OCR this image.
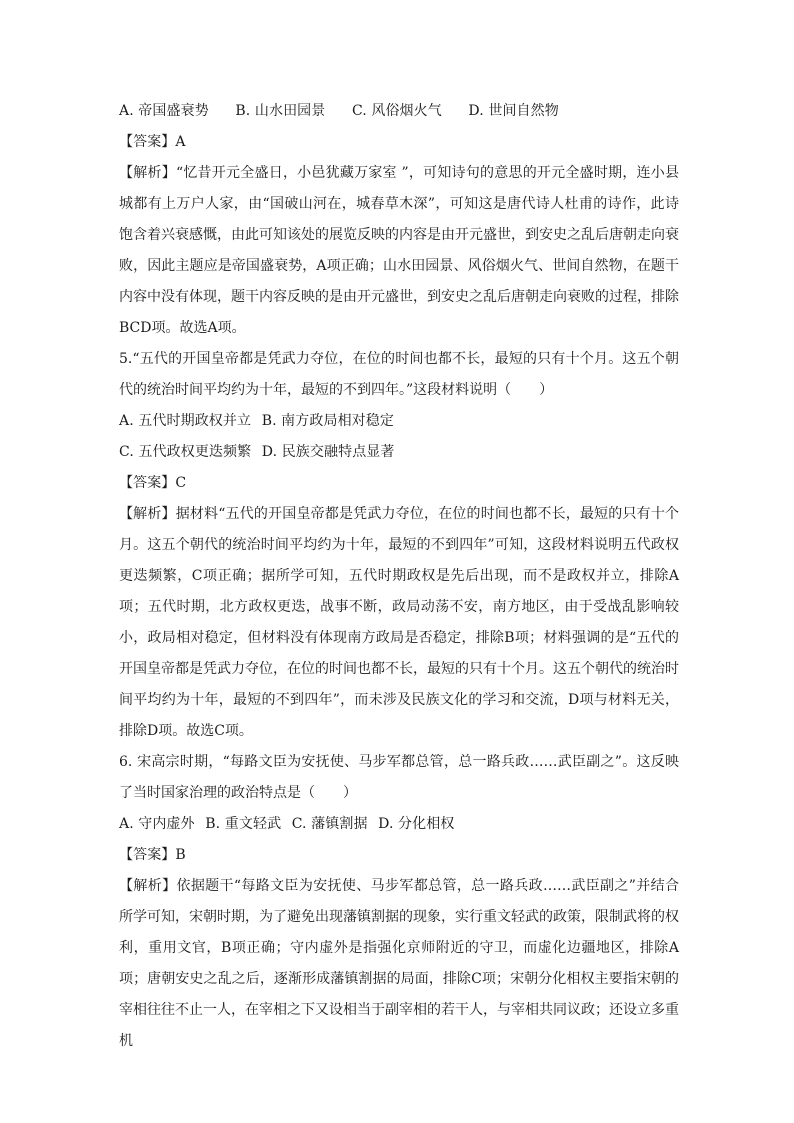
A. 帝国盛衰势 B. 山水田园景 C. 风俗烟火气 D. 世间自然物

【答案】A

【解析】“忆昔开元全盛日，小邑犹藏万家室 ”，可知诗句的意思的开元全盛时期，连小县城都有上万户人家，由“国破山河在，城春草木深”，可知这是唐代诗人杜甫的诗作，此诗饱含着兴衰感慨，由此可知该处的展览反映的内容是由开元盛世，到安史之乱后唐朝走向衰败，因此主题应是帝国盛衰势，A项正确；山水田园景、风俗烟火气、世间自然物，在题干内容中没有体现，题干内容反映的是由开元盛世，到安史之乱后唐朝走向衰败的过程，排除BCD项。故选A项。

5.“五代的开国皇帝都是凭武力夺位，在位的时间也都不长，最短的只有十个月。这五个朝代的统治时间平均约为十年，最短的不到四年。”这段材料说明（　　）

A. 五代时期政权并立 B. 南方政局相对稳定

C. 五代政权更迭频繁 D. 民族交融特点显著

【答案】C

【解析】据材料“五代的开国皇帝都是凭武力夺位，在位的时间也都不长，最短的只有十个月。这五个朝代的统治时间平均约为十年，最短的不到四年”可知，这段材料说明五代政权更迭频繁，C项正确；据所学可知，五代时期政权是先后出现，而不是政权并立，排除A项；五代时期，北方政权更迭，战事不断，政局动荡不安，南方地区，由于受战乱影响较小，政局相对稳定，但材料没有体现南方政局是否稳定，排除B项；材料强调的是“五代的开国皇帝都是凭武力夺位，在位的时间也都不长，最短的只有十个月。这五个朝代的统治时间平均约为十年，最短的不到四年”，而未涉及民族文化的学习和交流，D项与材料无关，排除D项。故选C项。

6. 宋高宗时期，“每路文臣为安抚使、马步军都总管，总一路兵政……武臣副之”。这反映了当时国家治理的政治特点是（　　）

A. 守内虚外 B. 重文轻武 C. 藩镇割据 D. 分化相权

【答案】B

【解析】依据题干“每路文臣为安抚使、马步军都总管，总一路兵政……武臣副之”并结合所学可知，宋朝时期，为了避免出现藩镇割据的现象，实行重文轻武的政策，限制武将的权利，重用文官，B项正确；守内虚外是指强化京师附近的守卫，而虚化边疆地区，排除A项；唐朝安史之乱之后，逐渐形成藩镇割据的局面，排除C项；宋朝分化相权主要指宋朝的宰相往往不止一人，在宰相之下又设相当于副宰相的若干人，与宰相共同议政；还设立多重机
